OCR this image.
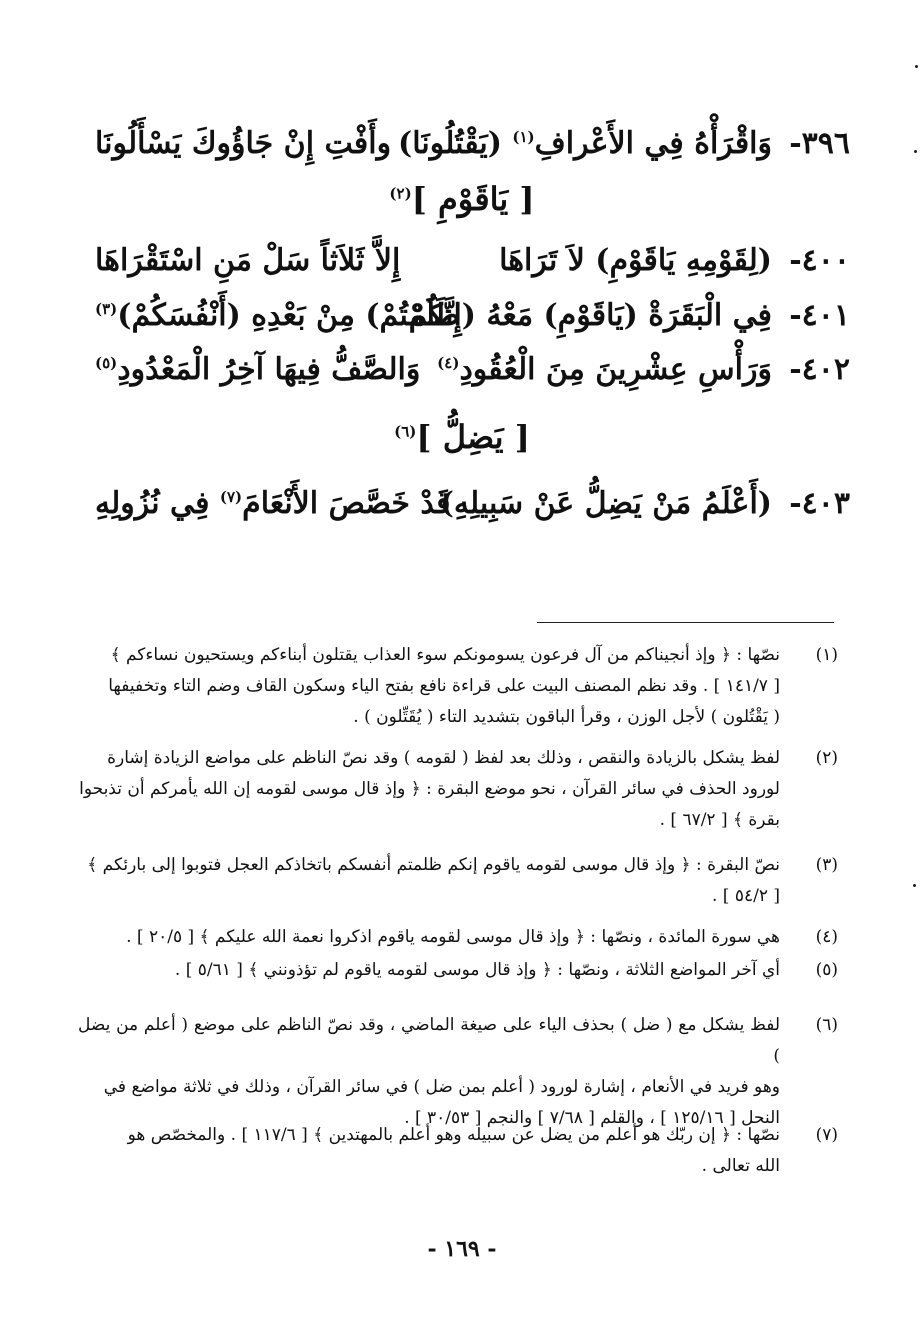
٣٩٦-
وَاقْرَأْهُ فِي الأَعْرافِ$^{(١)}$ (يَقْتُلُونَا)
وأَفْتِ إِنْ جَاؤُوكَ يَسْأَلُونَا
[ يَاقَوْمِ ]$^{(٢)}$
٤٠٠-
(لِقَوْمِهِ يَاقَوْمِ) لاَ تَرَاهَا
إِلاَّ ثَلاَثاً سَلْ مَنِ اسْتَقْرَاهَا
٤٠١-
فِي الْبَقَرَةْ (يَاقَوْمِ) مَعْهُ (إِنَّكُمْ
ظَلَمْتُمْ) مِنْ بَعْدِهِ (أَنْفُسَكُمْ)$^{(٣)}$
٤٠٢-
وَرَأْسِ عِشْرِينَ مِنَ الْعُقُودِ$^{(٤)}$
وَالصَّفُّ فِيهَا آخِرُ الْمَعْدُودِ$^{(٥)}$
[ يَضِلُّ ]$^{(٦)}$
٤٠٣-
(أَعْلَمُ مَنْ يَضِلُّ عَنْ سَبِيلِهِ)
قَدْ خَصَّصَ الأَنْعَامَ$^{(٧)}$ فِي نُزُولِهِ
(١)
نصّها : ﴿ وإذ أنجيناكم من آل فرعون يسومونكم سوء العذاب يقتلون أبناءكم ويستحيون نساءكم ﴾
[ ١٤١/٧ ] . وقد نظم المصنف البيت على قراءة نافع بفتح الياء وسكون القاف وضم التاء وتخفيفها
( يَقْتُلون ) لأجل الوزن ، وقرأ الباقون بتشديد التاء ( يُقَتِّلون ) .
(٢)
لفظ يشكل بالزيادة والنقص ، وذلك بعد لفظ ( لقومه ) وقد نصّ الناظم على مواضع الزيادة إشارة
لورود الحذف في سائر القرآن ، نحو موضع البقرة : ﴿ وإذ قال موسى لقومه إن الله يأمركم أن تذبحوا
بقرة ﴾ [ ٦٧/٢ ] .
(٣)
نصّ البقرة : ﴿ وإذ قال موسى لقومه ياقوم إنكم ظلمتم أنفسكم باتخاذكم العجل فتوبوا إلى بارئكم ﴾
[ ٥٤/٢ ] .
(٤)
هي سورة المائدة ، ونصّها : ﴿ وإذ قال موسى لقومه ياقوم اذكروا نعمة الله عليكم ﴾ [ ٢٠/٥ ] .
(٥)
أي آخر المواضع الثلاثة ، ونصّها : ﴿ وإذ قال موسى لقومه ياقوم لم تؤذونني ﴾ [ ٥/٦١ ] .
(٦)
لفظ يشكل مع ( ضل ) بحذف الياء على صيغة الماضي ، وقد نصّ الناظم على موضع ( أعلم من يضل )
وهو فريد في الأنعام ، إشارة لورود ( أعلم بمن ضل ) في سائر القرآن ، وذلك في ثلاثة مواضع في
النحل [ ١٢٥/١٦ ] ، والقلم [ ٧/٦٨ ] والنجم [ ٣٠/٥٣ ] .
(٧)
نصّها : ﴿ إن ربّك هو أعلم من يضل عن سبيله وهو أعلم بالمهتدين ﴾ [ ١١٧/٦ ] . والمخصّص هو
الله تعالى .
- ١٦٩ -
